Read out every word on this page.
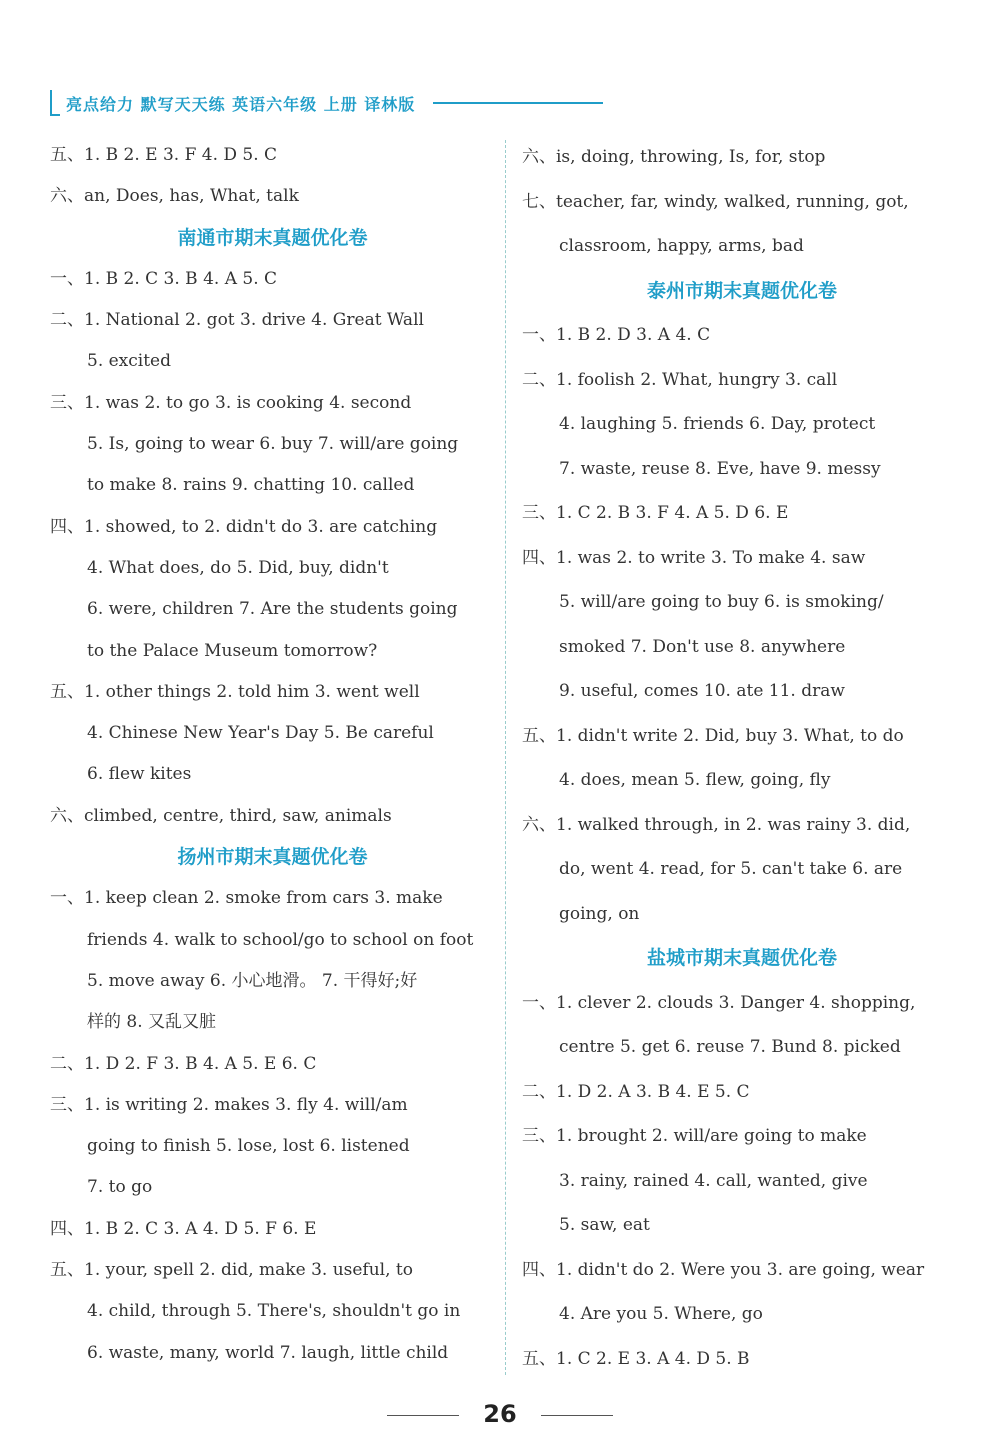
亮点给力 默写天天练 英语六年级 上册 译林版
五、1. B 2. E 3. F 4. D 5. C
六、an, Does, has, What, talk
南通市期末真题优化卷
一、1. B 2. C 3. B 4. A 5. C
二、1. National 2. got 3. drive 4. Great Wall
5. excited
三、1. was 2. to go 3. is cooking 4. second
5. Is, going to wear 6. buy 7. will/are going
to make 8. rains 9. chatting 10. called
四、1. showed, to 2. didn't do 3. are catching
4. What does, do 5. Did, buy, didn't
6. were, children 7. Are the students going
to the Palace Museum tomorrow?
五、1. other things 2. told him 3. went well
4. Chinese New Year's Day 5. Be careful
6. flew kites
六、climbed, centre, third, saw, animals
扬州市期末真题优化卷
一、1. keep clean 2. smoke from cars 3. make
friends 4. walk to school/go to school on foot
5. move away 6. 小心地滑。 7. 干得好;好
样的 8. 又乱又脏
二、1. D 2. F 3. B 4. A 5. E 6. C
三、1. is writing 2. makes 3. fly 4. will/am
going to finish 5. lose, lost 6. listened
7. to go
四、1. B 2. C 3. A 4. D 5. F 6. E
五、1. your, spell 2. did, make 3. useful, to
4. child, through 5. There's, shouldn't go in
6. waste, many, world 7. laugh, little child
六、is, doing, throwing, Is, for, stop
七、teacher, far, windy, walked, running, got,
classroom, happy, arms, bad
泰州市期末真题优化卷
一、1. B 2. D 3. A 4. C
二、1. foolish 2. What, hungry 3. call
4. laughing 5. friends 6. Day, protect
7. waste, reuse 8. Eve, have 9. messy
三、1. C 2. B 3. F 4. A 5. D 6. E
四、1. was 2. to write 3. To make 4. saw
5. will/are going to buy 6. is smoking/
smoked 7. Don't use 8. anywhere
9. useful, comes 10. ate 11. draw
五、1. didn't write 2. Did, buy 3. What, to do
4. does, mean 5. flew, going, fly
六、1. walked through, in 2. was rainy 3. did,
do, went 4. read, for 5. can't take 6. are
going, on
盐城市期末真题优化卷
一、1. clever 2. clouds 3. Danger 4. shopping,
centre 5. get 6. reuse 7. Bund 8. picked
二、1. D 2. A 3. B 4. E 5. C
三、1. brought 2. will/are going to make
3. rainy, rained 4. call, wanted, give
5. saw, eat
四、1. didn't do 2. Were you 3. are going, wear
4. Are you 5. Where, go
五、1. C 2. E 3. A 4. D 5. B
26
